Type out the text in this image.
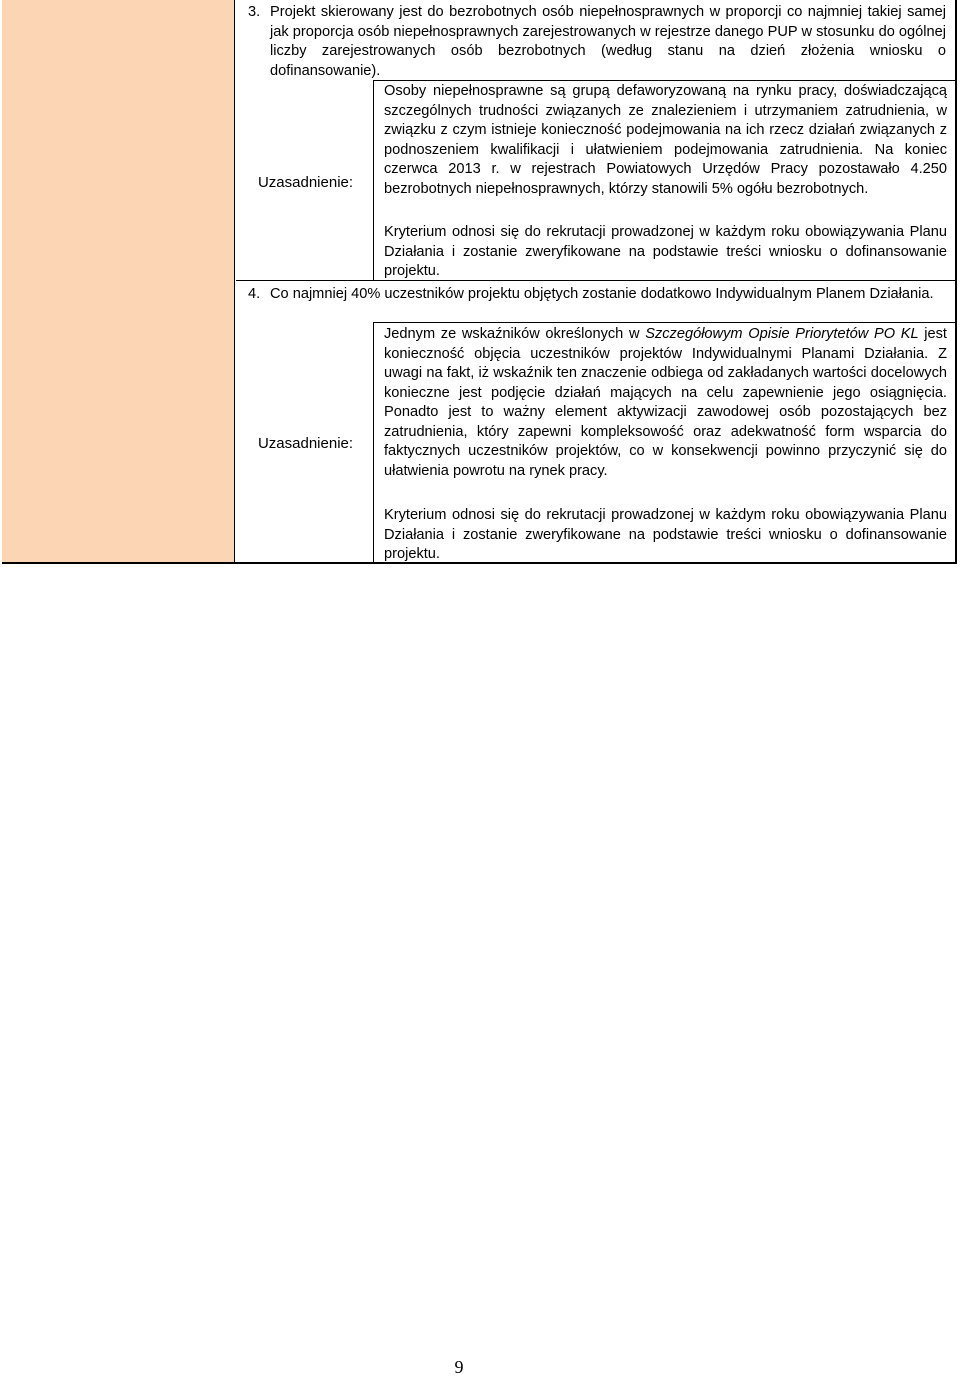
3. Projekt skierowany jest do bezrobotnych osób niepełnosprawnych w proporcji co najmniej takiej samej jak proporcja osób niepełnosprawnych zarejestrowanych w rejestrze danego PUP w stosunku do ogólnej liczby zarejestrowanych osób bezrobotnych (według stanu na dzień złożenia wniosku o dofinansowanie).
Uzasadnienie:
Osoby niepełnosprawne są grupą defaworyzowaną na rynku pracy, doświadczającą szczególnych trudności związanych ze znalezieniem i utrzymaniem zatrudnienia, w związku z czym istnieje konieczność podejmowania na ich rzecz działań związanych z podnoszeniem kwalifikacji i ułatwieniem podejmowania zatrudnienia. Na koniec czerwca 2013 r. w rejestrach Powiatowych Urzędów Pracy pozostawało 4.250 bezrobotnych niepełnosprawnych, którzy stanowili 5% ogółu bezrobotnych.
Kryterium odnosi się do rekrutacji prowadzonej w każdym roku obowiązywania Planu Działania i zostanie zweryfikowane na podstawie treści wniosku o dofinansowanie projektu.
4. Co najmniej 40% uczestników projektu objętych zostanie dodatkowo Indywidualnym Planem Działania.
Uzasadnienie:
Jednym ze wskaźników określonych w Szczegółowym Opisie Priorytetów PO KL jest konieczność objęcia uczestników projektów Indywidualnymi Planami Działania. Z uwagi na fakt, iż wskaźnik ten znaczenie odbiega od zakładanych wartości docelowych konieczne jest podjęcie działań mających na celu zapewnienie jego osiągnięcia. Ponadto jest to ważny element aktywizacji zawodowej osób pozostających bez zatrudnienia, który zapewni kompleksowość oraz adekwatność form wsparcia do faktycznych uczestników projektów, co w konsekwencji powinno przyczynić się do ułatwienia powrotu na rynek pracy.
Kryterium odnosi się do rekrutacji prowadzonej w każdym roku obowiązywania Planu Działania i zostanie zweryfikowane na podstawie treści wniosku o dofinansowanie projektu.
9
